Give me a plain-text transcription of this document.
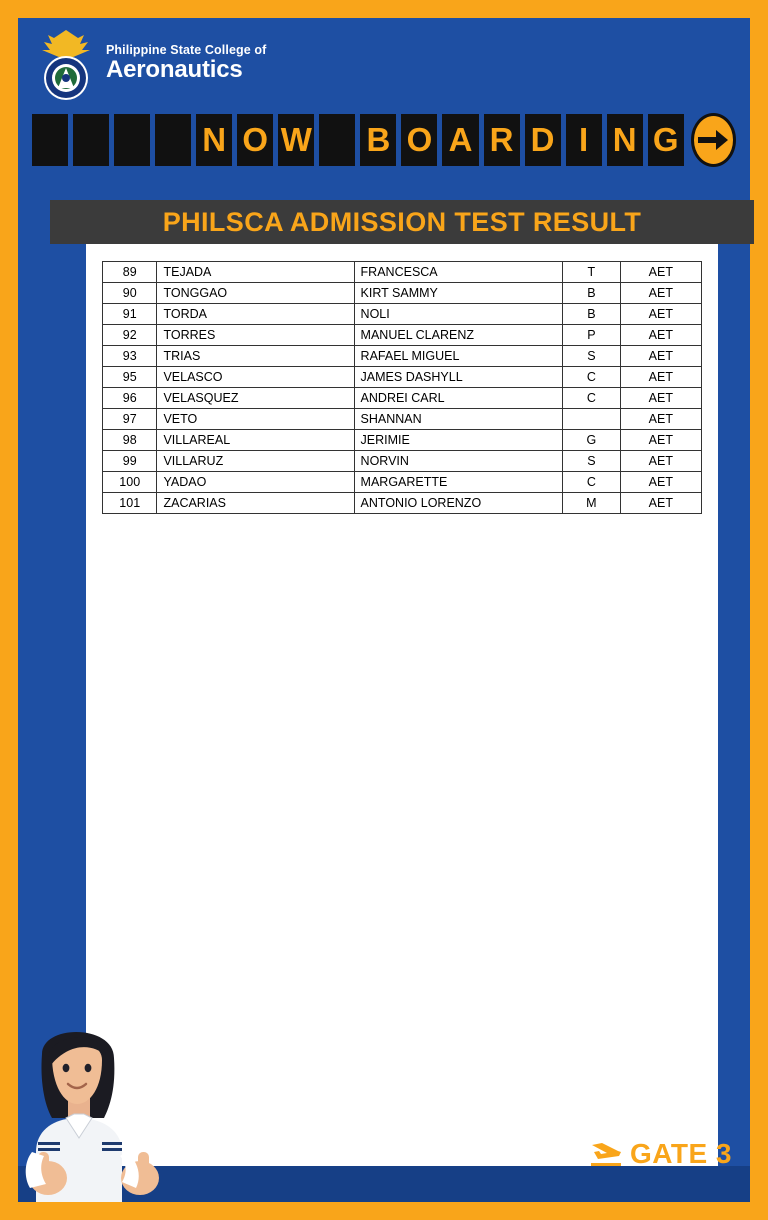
Philippine State College of
Aeronautics
N O W B O A R D I N G
PHILSCA ADMISSION TEST RESULT
89	TEJADA	FRANCESCA	T	AET
90	TONGGAO	KIRT SAMMY	B	AET
91	TORDA	NOLI	B	AET
92	TORRES	MANUEL CLARENZ	P	AET
93	TRIAS	RAFAEL MIGUEL	S	AET
95	VELASCO	JAMES DASHYLL	C	AET
96	VELASQUEZ	ANDREI CARL	C	AET
97	VETO	SHANNAN		AET
98	VILLAREAL	JERIMIE	G	AET
99	VILLARUZ	NORVIN	S	AET
100	YADAO	MARGARETTE	C	AET
101	ZACARIAS	ANTONIO LORENZO	M	AET
GATE 3
